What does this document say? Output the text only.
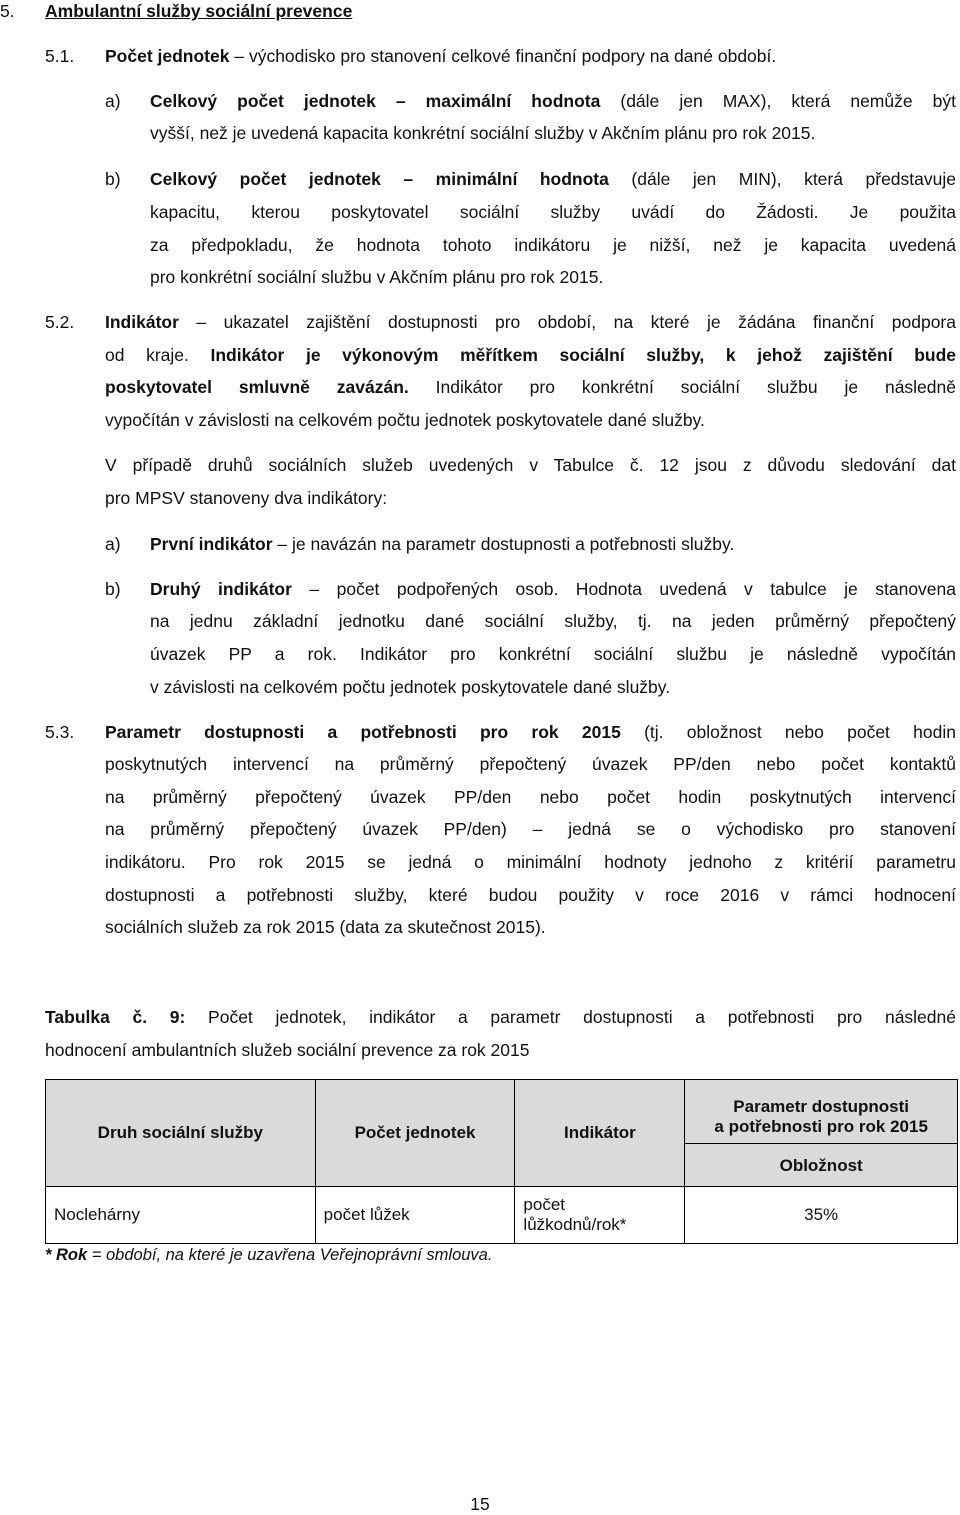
5. Ambulantní služby sociální prevence
5.1. Počet jednotek – východisko pro stanovení celkové finanční podpory na dané období.
a) Celkový počet jednotek – maximální hodnota (dále jen MAX), která nemůže být
vyšší, než je uvedená kapacita konkrétní sociální služby v Akčním plánu pro rok 2015.
b) Celkový počet jednotek – minimální hodnota (dále jen MIN), která představuje
kapacitu, kterou poskytovatel sociální služby uvádí do Žádosti. Je použita
za předpokladu, že hodnota tohoto indikátoru je nižší, než je kapacita uvedená
pro konkrétní sociální službu v Akčním plánu pro rok 2015.
5.2. Indikátor – ukazatel zajištění dostupnosti pro období, na které je žádána finanční podpora
od kraje. Indikátor je výkonovým měřítkem sociální služby, k jehož zajištění bude
poskytovatel smluvně zavázán. Indikátor pro konkrétní sociální službu je následně
vypočítán v závislosti na celkovém počtu jednotek poskytovatele dané služby.
V případě druhů sociálních služeb uvedených v Tabulce č. 12 jsou z důvodu sledování dat
pro MPSV stanoveny dva indikátory:
a) První indikátor – je navázán na parametr dostupnosti a potřebnosti služby.
b) Druhý indikátor – počet podpořených osob. Hodnota uvedená v tabulce je stanovena
na jednu základní jednotku dané sociální služby, tj. na jeden průměrný přepočtený
úvazek PP a rok. Indikátor pro konkrétní sociální službu je následně vypočítán
v závislosti na celkovém počtu jednotek poskytovatele dané služby.
5.3. Parametr dostupnosti a potřebnosti pro rok 2015 (tj. obložnost nebo počet hodin
poskytnutých intervencí na průměrný přepočtený úvazek PP/den nebo počet kontaktů
na průměrný přepočtený úvazek PP/den nebo počet hodin poskytnutých intervencí
na průměrný přepočtený úvazek PP/den) – jedná se o východisko pro stanovení
indikátoru. Pro rok 2015 se jedná o minimální hodnoty jednoho z kritérií parametru
dostupnosti a potřebnosti služby, které budou použity v roce 2016 v rámci hodnocení
sociálních služeb za rok 2015 (data za skutečnost 2015).
Tabulka č. 9: Počet jednotek, indikátor a parametr dostupnosti a potřebnosti pro následné
hodnocení ambulantních služeb sociální prevence za rok 2015
Druh sociální služby	Počet jednotek	Indikátor	Parametr dostupnosti
a potřebnosti pro rok 2015
Obložnost

Noclehárny	počet lůžek	počet
lůžkodnů/rok*	35%
* Rok = období, na které je uzavřena Veřejnoprávní smlouva.
15
